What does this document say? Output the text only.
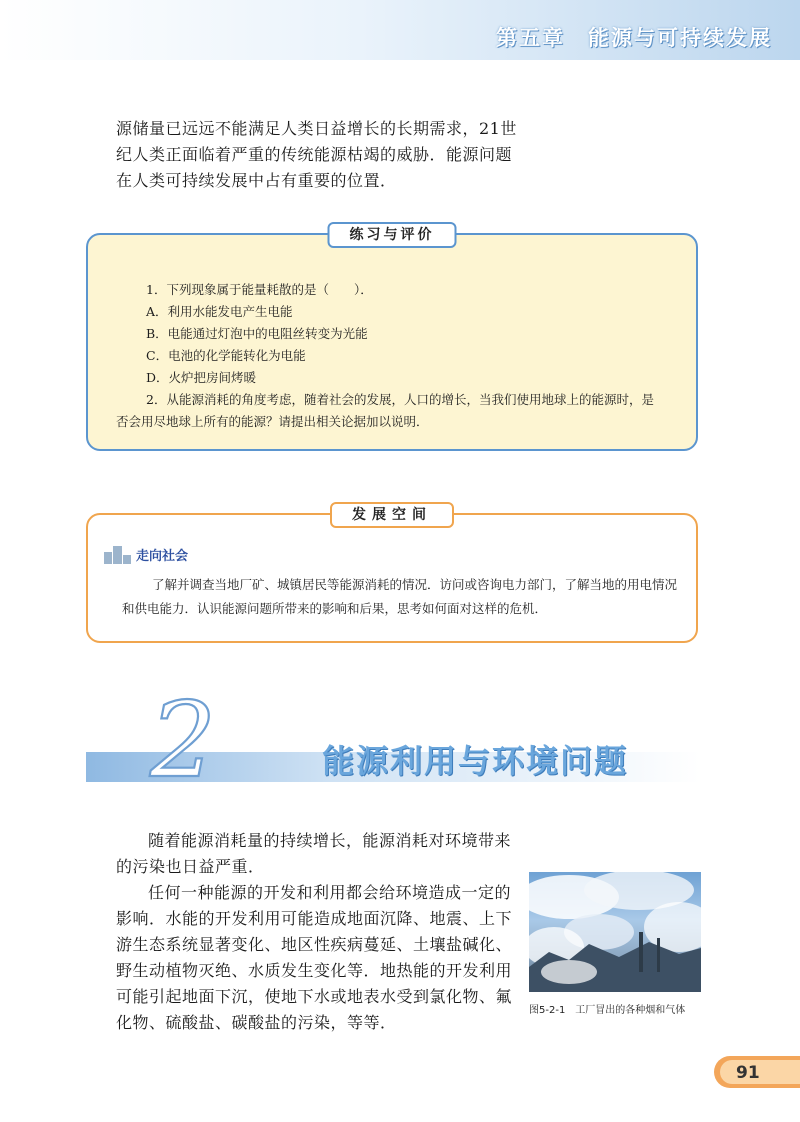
第五章　能源与可持续发展
源储量已远远不能满足人类日益增长的长期需求，21世纪人类正面临着严重的传统能源枯竭的威胁．能源问题在人类可持续发展中占有重要的位置．
练习与评价
1．下列现象属于能量耗散的是（　　）．
A．利用水能发电产生电能
B．电能通过灯泡中的电阻丝转变为光能
C．电池的化学能转化为电能
D．火炉把房间烤暖
2．从能源消耗的角度考虑，随着社会的发展，人口的增长，当我们使用地球上的能源时，是否会用尽地球上所有的能源？请提出相关论据加以说明．
发展空间
走向社会
了解并调查当地厂矿、城镇居民等能源消耗的情况．访问或咨询电力部门，了解当地的用电情况和供电能力．认识能源问题所带来的影响和后果，思考如何面对这样的危机．
2	能源利用与环境问题

随着能源消耗量的持续增长，能源消耗对环境带来的污染也日益严重．

任何一种能源的开发和利用都会给环境造成一定的影响．水能的开发利用可能造成地面沉降、地震、上下游生态系统显著变化、地区性疾病蔓延、土壤盐碱化、野生动植物灭绝、水质发生变化等．地热能的开发利用可能引起地面下沉，使地下水或地表水受到氯化物、氟化物、硫酸盐、碳酸盐的污染，等等．

图5-2-1　工厂冒出的各种烟和气体
91
